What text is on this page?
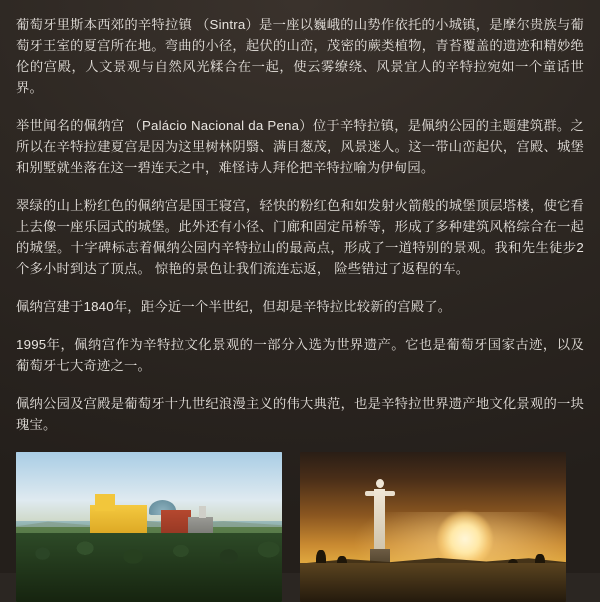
葡萄牙里斯本西郊的辛特拉镇 （Sintra）是一座以巍峨的山势作依托的小城镇，是摩尔贵族与葡萄牙王室的夏宫所在地。弯曲的小径，起伏的山峦，茂密的蕨类植物，青苔覆盖的遗迹和精妙绝伦的宫殿，人文景观与自然风光糅合在一起，使云雾缭绕、风景宜人的辛特拉宛如一个童话世界。

举世闻名的佩纳宫 （Palácio Nacional da Pena）位于辛特拉镇，是佩纳公园的主题建筑群。之所以在辛特拉建夏宫是因为这里树林阴翳、满目葱茂，风景迷人。这一带山峦起伏，宫殿、城堡和别墅就坐落在这一碧连天之中，难怪诗人拜伦把辛特拉喻为伊甸园。

翠绿的山上粉红色的佩纳宫是国王寝宫，轻快的粉红色和如发射火箭般的城堡顶层塔楼，使它看上去像一座乐园式的城堡。此外还有小径、门廊和固定吊桥等，形成了多种建筑风格综合在一起的城堡。十字碑标志着佩纳公园内辛特拉山的最高点，形成了一道特别的景观。我和先生徒步2个多小时到达了顶点。 惊艳的景色让我们流连忘返， 险些错过了返程的车。

佩纳宫建于1840年，距今近一个半世纪，但却是辛特拉比较新的宫殿了。

1995年，佩纳宫作为辛特拉文化景观的一部分入选为世界遗产。它也是葡萄牙国家古迹，以及葡萄牙七大奇迹之一。

佩纳公园及宫殿是葡萄牙十九世纪浪漫主义的伟大典范，也是辛特拉世界遗产地文化景观的一块瑰宝。
